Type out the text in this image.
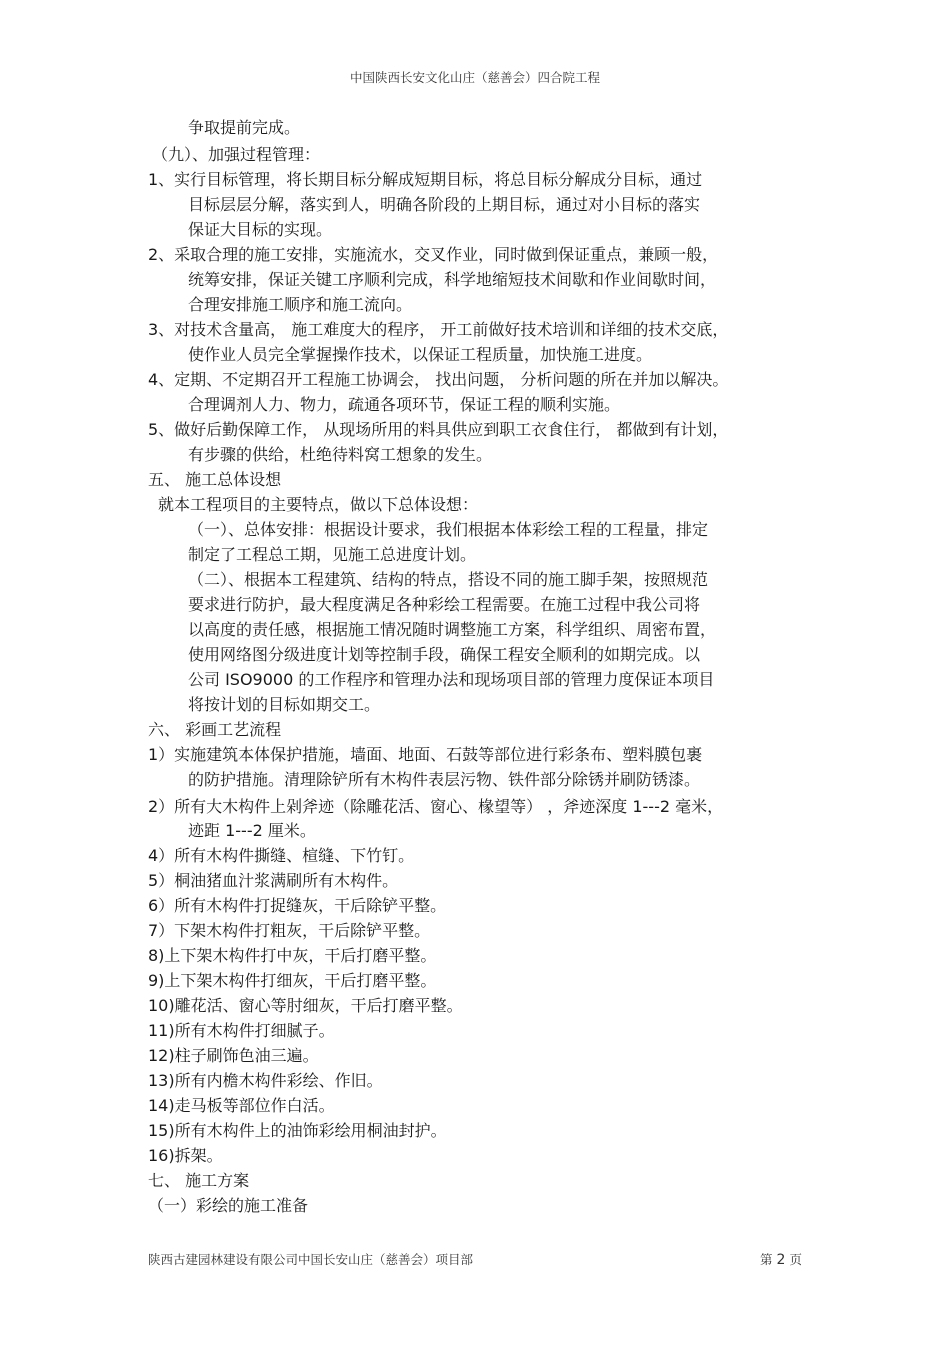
中国陕西长安文化山庄（慈善会）四合院工程
争取提前完成。
（九）、加强过程管理：
1、实行目标管理，将长期目标分解成短期目标，将总目标分解成分目标，通过
目标层层分解，落实到人，明确各阶段的上期目标，通过对小目标的落实
保证大目标的实现。
2、采取合理的施工安排，实施流水，交叉作业，同时做到保证重点，兼顾一般，
统筹安排，保证关键工序顺利完成，科学地缩短技术间歇和作业间歇时间，
合理安排施工顺序和施工流向。
3、对技术含量高， 施工难度大的程序， 开工前做好技术培训和详细的技术交底，
使作业人员完全掌握操作技术，以保证工程质量，加快施工进度。
4、定期、不定期召开工程施工协调会， 找出问题， 分析问题的所在并加以解决。
合理调剂人力、物力，疏通各项环节，保证工程的顺利实施。
5、做好后勤保障工作， 从现场所用的料具供应到职工衣食住行， 都做到有计划，
有步骤的供给，杜绝待料窝工想象的发生。
五、 施工总体设想
就本工程项目的主要特点，做以下总体设想：
（一）、总体安排：根据设计要求，我们根据本体彩绘工程的工程量，排定
制定了工程总工期，见施工总进度计划。
（二）、根据本工程建筑、结构的特点，搭设不同的施工脚手架，按照规范
要求进行防护，最大程度满足各种彩绘工程需要。在施工过程中我公司将
以高度的责任感，根据施工情况随时调整施工方案，科学组织、周密布置，
使用网络图分级进度计划等控制手段，确保工程安全顺利的如期完成。以
公司 ISO9000 的工作程序和管理办法和现场项目部的管理力度保证本项目
将按计划的目标如期交工。
六、 彩画工艺流程
1）实施建筑本体保护措施，墙面、地面、石鼓等部位进行彩条布、塑料膜包裹
的防护措施。清理除铲所有木构件表层污物、铁件部分除锈并刷防锈漆。
2）所有大木构件上剁斧迹（除雕花活、窗心、椽望等） ，斧迹深度 1---2 毫米，
迹距 1---2 厘米。
4）所有木构件撕缝、楦缝、下竹钉。
5）桐油猪血汁浆满刷所有木构件。
6）所有木构件打捉缝灰，干后除铲平整。
7）下架木构件打粗灰，干后除铲平整。
8)上下架木构件打中灰，干后打磨平整。
9)上下架木构件打细灰，干后打磨平整。
10)雕花活、窗心等肘细灰，干后打磨平整。
11)所有木构件打细腻子。
12)柱子刷饰色油三遍。
13)所有内檐木构件彩绘、作旧。
14)走马板等部位作白活。
15)所有木构件上的油饰彩绘用桐油封护。
16)拆架。
七、 施工方案
（一）彩绘的施工准备
陕西古建园林建设有限公司中国长安山庄（慈善会）项目部	第 2 页
